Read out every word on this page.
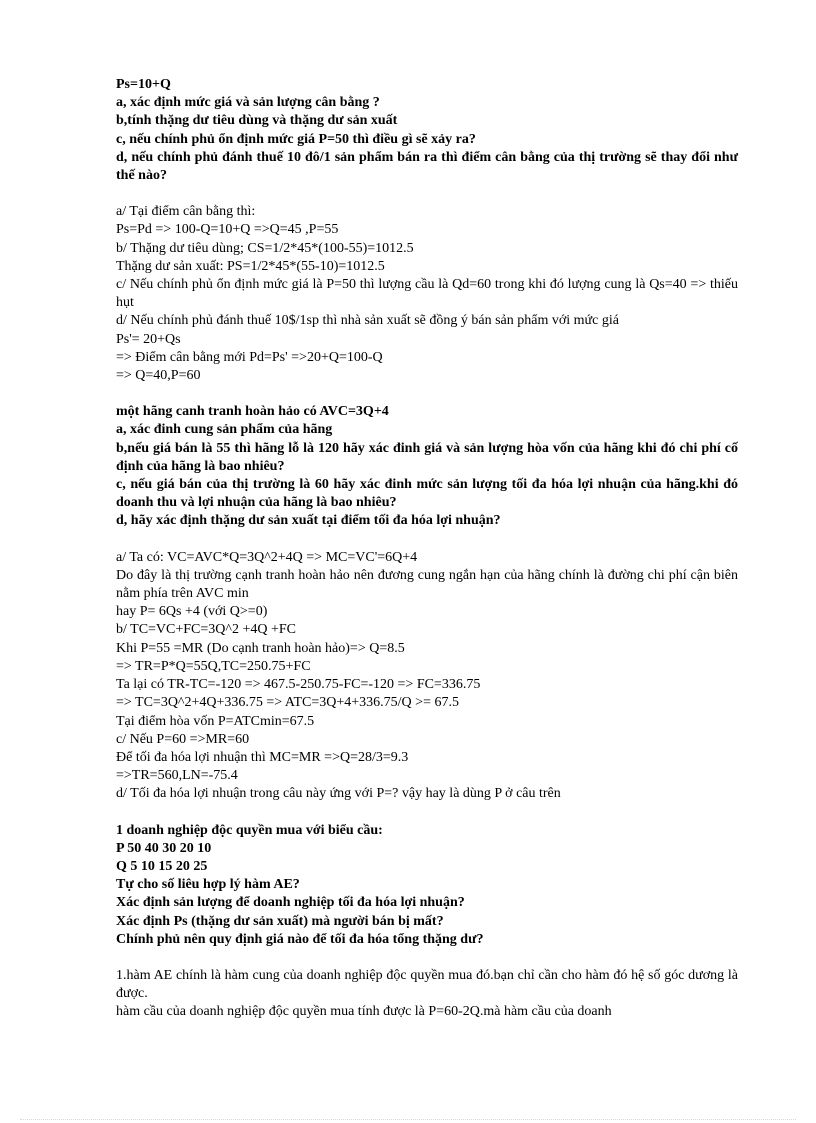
Ps=10+Q
a, xác định mức giá và sản lượng cân bằng ?
b,tính thặng dư tiêu dùng và thặng dư sản xuất
c, nếu chính phủ ổn định mức giá P=50 thì điều gì sẽ xảy ra?
d, nếu chính phủ đánh thuế 10 đô/1 sản phẩm bán ra thì điểm cân bằng của thị trường sẽ thay đổi như thế nào?
a/ Tại điểm cân bằng thì:
Ps=Pd => 100-Q=10+Q =>Q=45 ,P=55
b/ Thặng dư tiêu dùng; CS=1/2*45*(100-55)=1012.5
Thặng dư sản xuất: PS=1/2*45*(55-10)=1012.5
c/ Nếu chính phủ ổn định mức giá là P=50 thì lượng cầu là Qd=60 trong khi đó lượng cung là Qs=40 => thiếu hụt
d/ Nếu chính phủ đánh thuế 10$/1sp thì nhà sản xuất sẽ đồng ý bán sản phẩm với mức giá
Ps'= 20+Qs
=> Điểm cân bằng mới Pd=Ps' =>20+Q=100-Q
=> Q=40,P=60
một hãng canh tranh hoàn hảo có AVC=3Q+4
a, xác đinh cung sản phẩm của hãng
b,nếu giá bán là 55 thì hãng lỗ là 120 hãy xác đinh giá và sản lượng hòa vốn của hãng khi đó chi phí cố định của hãng là bao nhiêu?
c, nếu giá bán của thị trường là 60 hãy xác đinh mức sản lượng tối đa hóa lợi nhuận của hãng.khi đó doanh thu và lợi nhuận của hãng là bao nhiêu?
d, hãy xác định thặng dư sản xuất tại điểm tối đa hóa lợi nhuận?
a/ Ta có: VC=AVC*Q=3Q^2+4Q => MC=VC'=6Q+4
Do đây là thị trường cạnh tranh hoàn hảo nên đương cung ngắn hạn của hãng chính là đường chi phí cận biên nằm phía trên AVC min
hay P= 6Qs +4 (với Q>=0)
b/ TC=VC+FC=3Q^2 +4Q +FC
Khi P=55 =MR (Do cạnh tranh hoàn hảo)=> Q=8.5
=> TR=P*Q=55Q,TC=250.75+FC
Ta lại có TR-TC=-120 => 467.5-250.75-FC=-120 => FC=336.75
=> TC=3Q^2+4Q+336.75 => ATC=3Q+4+336.75/Q >= 67.5
Tại điểm hòa vốn P=ATCmin=67.5
c/ Nếu P=60 =>MR=60
Để tối đa hóa lợi nhuận thì MC=MR =>Q=28/3=9.3
=>TR=560,LN=-75.4
d/ Tối đa hóa lợi nhuận trong câu này ứng với P=? vậy hay là dùng P ở câu trên
1 doanh nghiệp độc quyền mua với biểu cầu:
P 50 40 30 20 10
Q 5 10 15 20 25
Tự cho số liêu hợp lý hàm AE?
Xác định sản lượng để doanh nghiệp tối đa hóa lợi nhuận?
Xác định Ps (thặng dư sản xuất) mà người bán bị mất?
Chính phủ nên quy định giá nào để tối đa hóa tổng thặng dư?
1.hàm AE chính là hàm cung của doanh nghiệp độc quyền mua đó.bạn chỉ cần cho hàm đó hệ số góc dương là được.
hàm cầu của doanh nghiệp độc quyền mua tính được là P=60-2Q.mà hàm cầu của doanh
